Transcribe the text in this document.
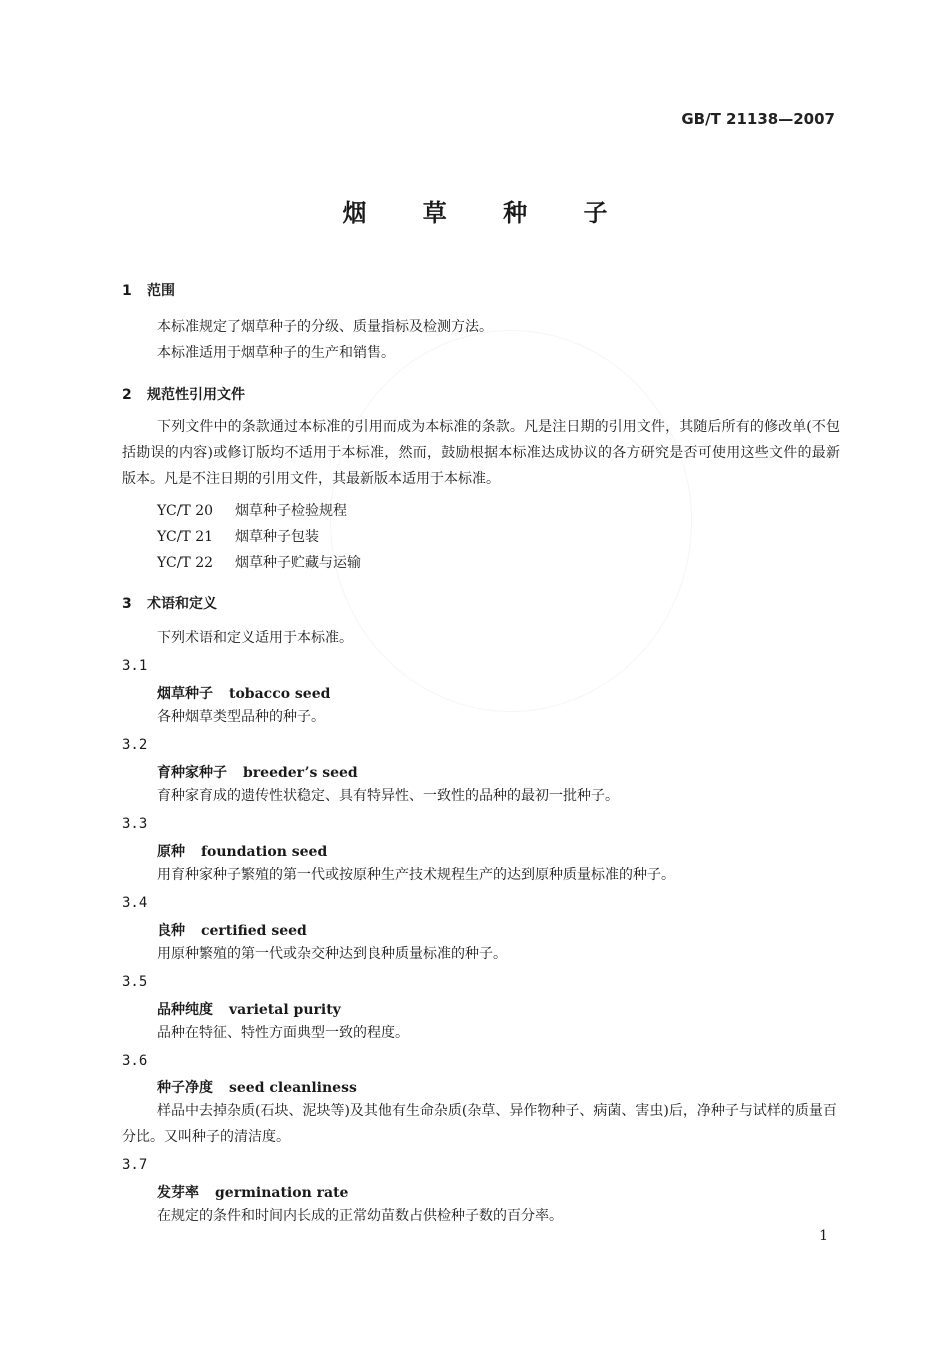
GB/T 21138—2007
烟 草 种 子
1 范围
本标准规定了烟草种子的分级、质量指标及检测方法。
本标准适用于烟草种子的生产和销售。
2 规范性引用文件
下列文件中的条款通过本标准的引用而成为本标准的条款。凡是注日期的引用文件，其随后所有的修改单(不包括勘误的内容)或修订版均不适用于本标准，然而，鼓励根据本标准达成协议的各方研究是否可使用这些文件的最新版本。凡是不注日期的引用文件，其最新版本适用于本标准。
YC/T 20 烟草种子检验规程
YC/T 21 烟草种子包装
YC/T 22 烟草种子贮藏与运输
3 术语和定义
下列术语和定义适用于本标准。
3.1
烟草种子 tobacco seed
各种烟草类型品种的种子。
3.2
育种家种子 breeder’s seed
育种家育成的遗传性状稳定、具有特异性、一致性的品种的最初一批种子。
3.3
原种 foundation seed
用育种家种子繁殖的第一代或按原种生产技术规程生产的达到原种质量标准的种子。
3.4
良种 certified seed
用原种繁殖的第一代或杂交种达到良种质量标准的种子。
3.5
品种纯度 varietal purity
品种在特征、特性方面典型一致的程度。
3.6
种子净度 seed cleanliness
样品中去掉杂质(石块、泥块等)及其他有生命杂质(杂草、异作物种子、病菌、害虫)后，净种子与试样的质量百分比。又叫种子的清洁度。
3.7
发芽率 germination rate
在规定的条件和时间内长成的正常幼苗数占供检种子数的百分率。
1
